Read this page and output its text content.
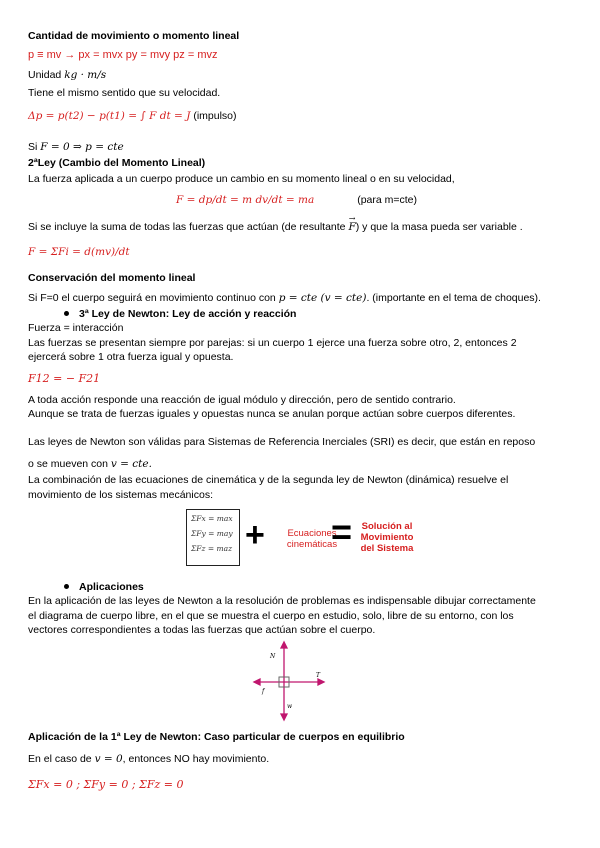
Cantidad de movimiento o momento lineal
p ≡ mv → px = mvx py = mvy pz = mvz
Unidad kg · m/s
Tiene el mismo sentido que su velocidad.
Δp = p(t2) − p(t1) = ∫ F dt = J (impulso)
Si F = 0 ⇒ p = cte
2ªLey (Cambio del Momento Lineal)
La fuerza aplicada a un cuerpo produce un cambio en su momento lineal o en su velocidad,
F = dp/dt = m dv/dt = ma	(para m=cte)
Si se incluye la suma de todas las fuerzas que actúan (de resultante → F) y que la masa pueda ser variable .
F = ΣFi = d(mv)/dt
Conservación del momento lineal
Si F=0 el cuerpo seguirá en movimiento continuo con p = cte (v = cte). (importante en el tema de choques).
3ª Ley de Newton: Ley de acción y reacción
Fuerza = interacción
Las fuerzas se presentan siempre por parejas: si un cuerpo 1 ejerce una fuerza sobre otro, 2, entonces 2
ejercerá sobre 1 otra fuerza igual y opuesta.
F12 = − F21
A toda acción responde una reacción de igual módulo y dirección, pero de sentido contrario.
Aunque se trata de fuerzas iguales y opuestas nunca se anulan porque actúan sobre cuerpos diferentes.
Las leyes de Newton son válidas para Sistemas de Referencia Inerciales (SRI) es decir, que están en reposo
o se mueven con v = cte.
La combinación de las ecuaciones de cinemática y de la segunda ley de Newton (dinámica) resuelve el
movimiento de los sistemas mecánicos:
ΣFx = max
ΣFy = may
ΣFz = maz +	Ecuaciones cinemáticas
=	Solución al Movimiento del Sistema
Aplicaciones
En la aplicación de las leyes de Newton a la resolución de problemas es indispensable dibujar correctamente
el diagrama de cuerpo libre, en el que se muestra el cuerpo en estudio, solo, libre de su entorno, con los
vectores correspondientes a todas las fuerzas que actúan sobre el cuerpo.
N
T
f
w
Aplicación de la 1ª Ley de Newton: Caso particular de cuerpos en equilibrio
En el caso de v = 0, entonces NO hay movimiento.
ΣFx = 0 ; ΣFy = 0 ; ΣFz = 0
